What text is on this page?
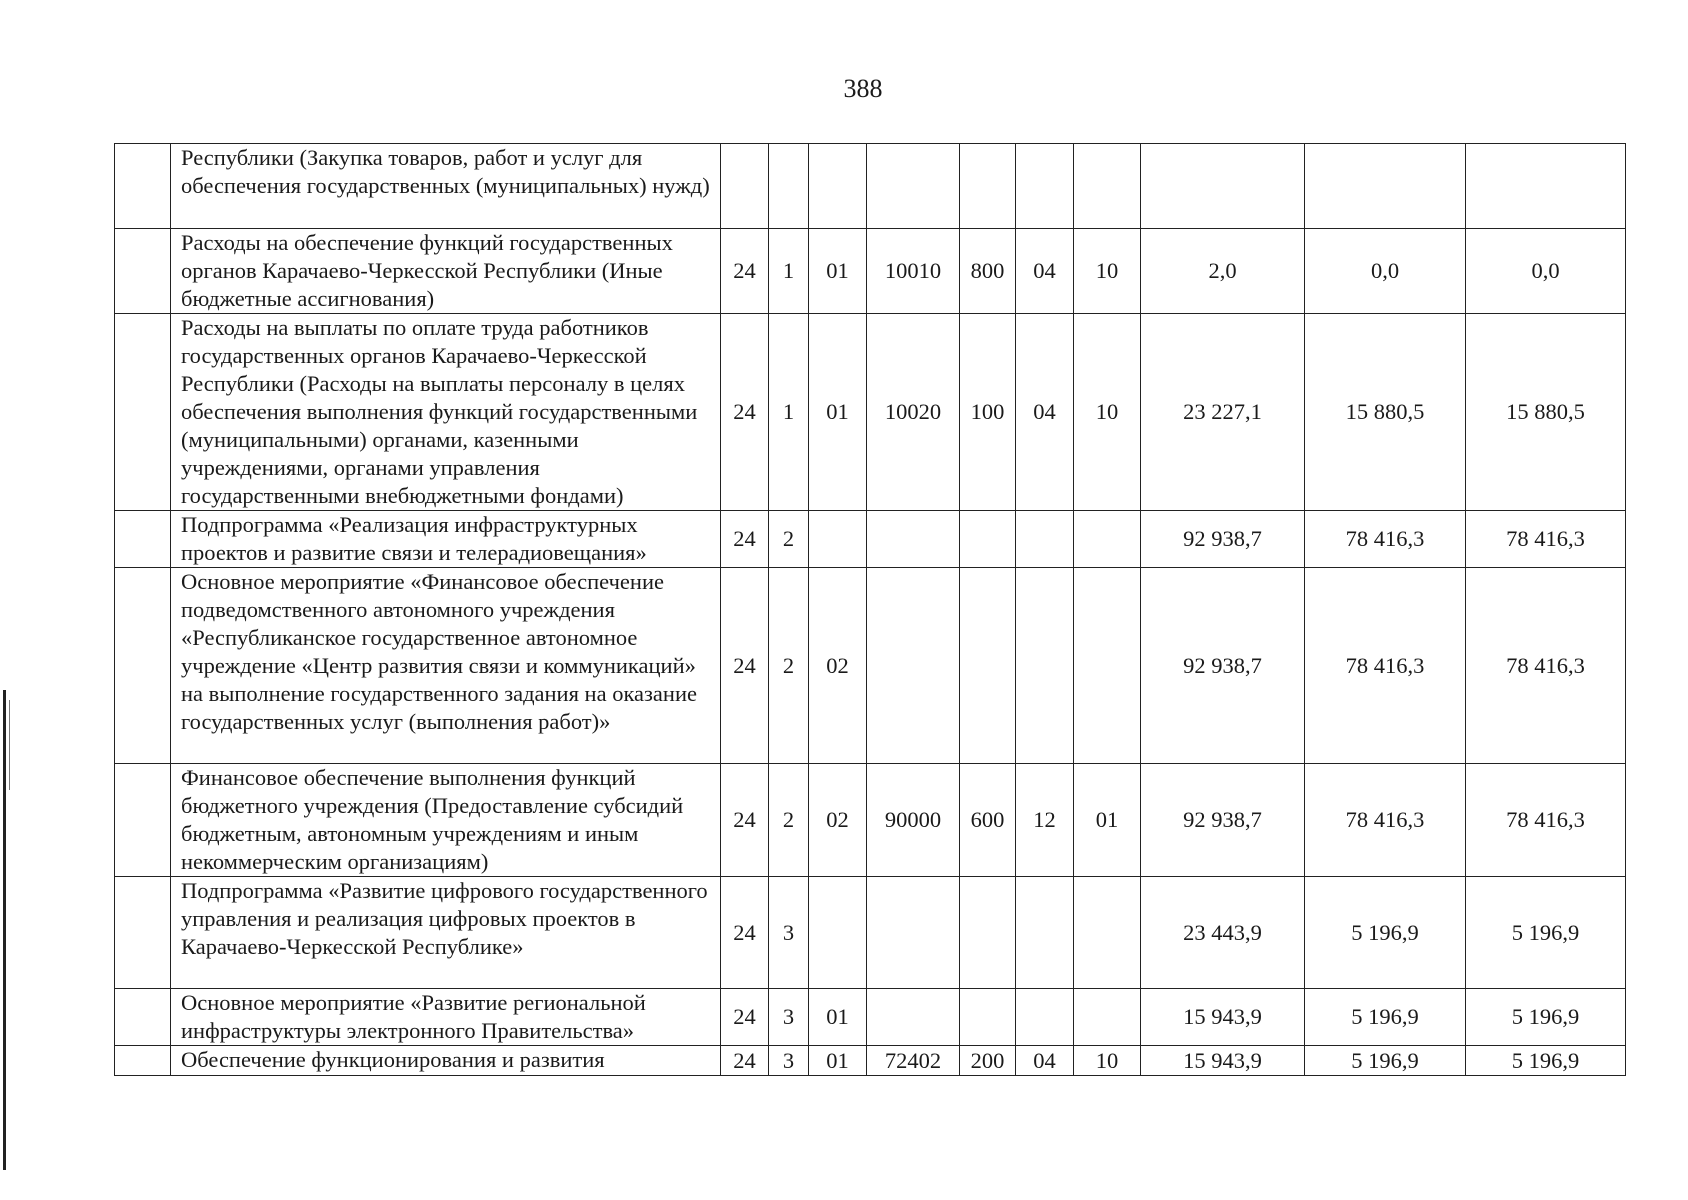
388
	Республики (Закупка товаров, работ и услуг для обеспечения государственных (муниципальных) нужд)										
	Расходы на обеспечение функций государственных органов Карачаево-Черкесской Республики (Иные бюджетные ассигнования)	24	1	01	10010	800	04	10	2,0	0,0	0,0
	Расходы на выплаты по оплате труда работников государственных органов Карачаево-Черкесской Республики (Расходы на выплаты персоналу в целях обеспечения выполнения функций государственными (муниципальными) органами, казенными учреждениями, органами управления государственными внебюджетными фондами)	24	1	01	10020	100	04	10	23 227,1	15 880,5	15 880,5
	Подпрограмма «Реализация инфраструктурных проектов и развитие связи и телерадиовещания»	24	2						92 938,7	78 416,3	78 416,3
	Основное мероприятие «Финансовое обеспечение подведомственного автономного учреждения «Республиканское государственное автономное учреждение «Центр развития связи и коммуникаций» на выполнение государственного задания на оказание государственных услуг (выполнения работ)»	24	2	02					92 938,7	78 416,3	78 416,3
	Финансовое обеспечение выполнения функций бюджетного учреждения (Предоставление субсидий бюджетным, автономным учреждениям и иным некоммерческим организациям)	24	2	02	90000	600	12	01	92 938,7	78 416,3	78 416,3
	Подпрограмма «Развитие цифрового государственного управления и реализация цифровых проектов в Карачаево-Черкесской Республике»	24	3						23 443,9	5 196,9	5 196,9
	Основное мероприятие «Развитие региональной инфраструктуры электронного Правительства»	24	3	01					15 943,9	5 196,9	5 196,9
	Обеспечение функционирования и развития	24	3	01	72402	200	04	10	15 943,9	5 196,9	5 196,9
